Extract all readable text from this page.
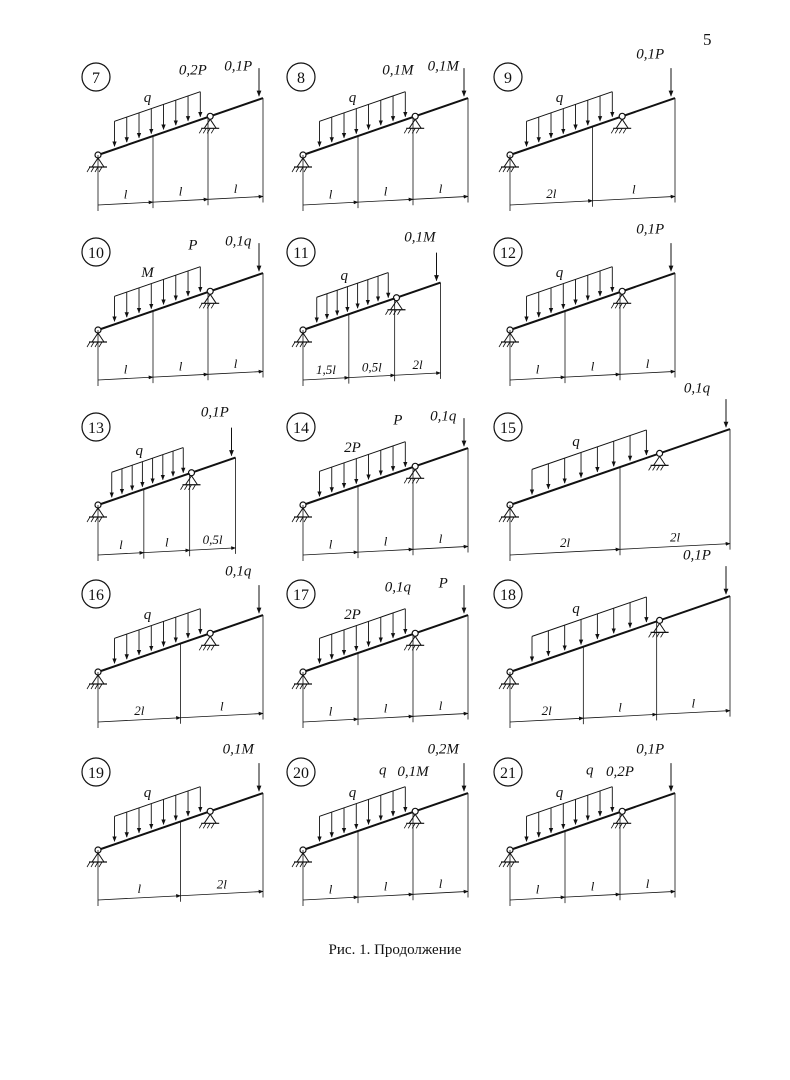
5
7
l	l	l
q
0,2P 0,1P
8
l	l	l
q
0,1M 0,1M
9
2l	l
q
0,1P
10
l	l	l
M
P 0,1q
11
1,5l 0,5l 2l
q
0,1M
12
l	l	l
q
0,1P
13
l	l	0,5l
q
0,1P
14
l	l	l
2P
P 0,1q
15
2l	2l
q
0,1q
16
2l	l
q
0,1q
17
l	l	l
2P
0,1q P
18
2l	l	l
q
0,1P
19
l	2l
q
0,1M
20
l	l	l
q
q 0,1M
0,2M
21
l	l	l
q
q 0,2P
0,1P
Рис. 1. Продолжение
